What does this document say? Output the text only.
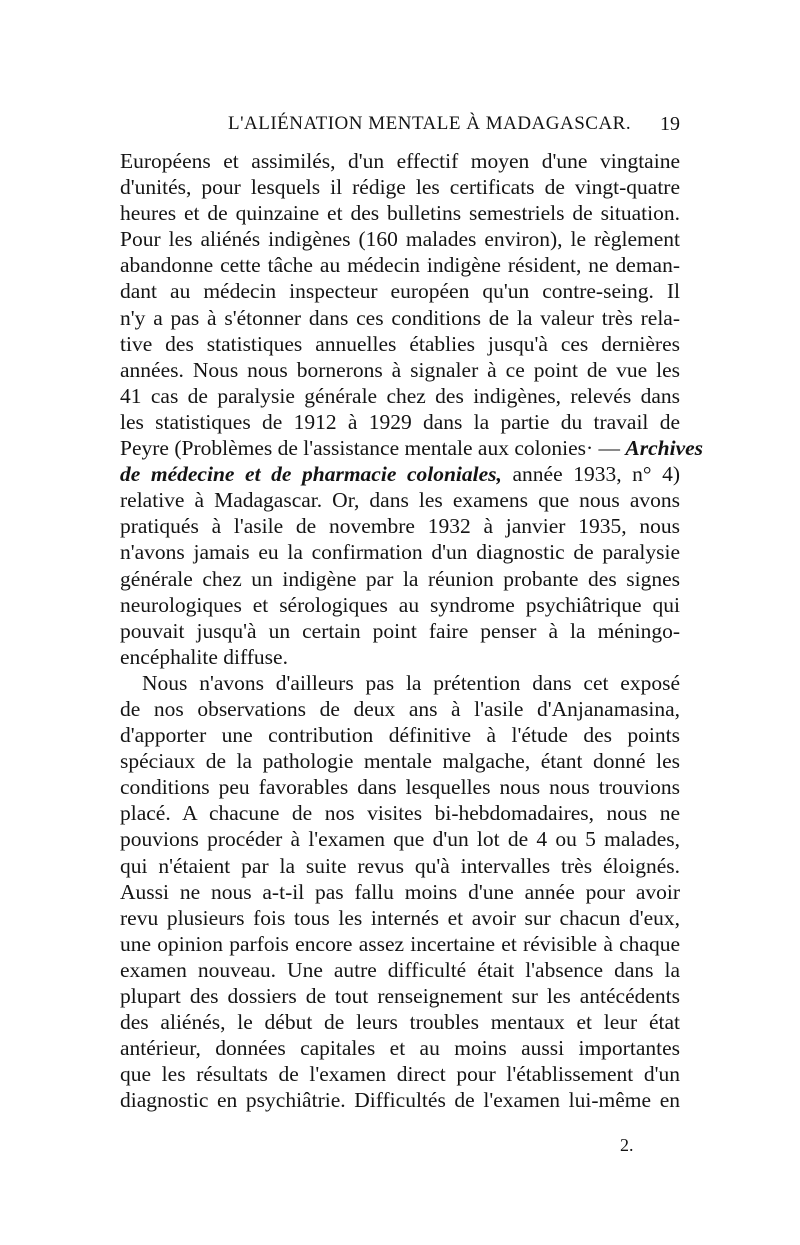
L'ALIÉNATION MENTALE À MADAGASCAR. 19
Européens et assimilés, d'un effectif moyen d'une vingtaine
d'unités, pour lesquels il rédige les certificats de vingt-quatre
heures et de quinzaine et des bulletins semestriels de situation.
Pour les aliénés indigènes (160 malades environ), le règlement
abandonne cette tâche au médecin indigène résident, ne deman-
dant au médecin inspecteur européen qu'un contre-seing. Il
n'y a pas à s'étonner dans ces conditions de la valeur très rela-
tive des statistiques annuelles établies jusqu'à ces dernières
années. Nous nous bornerons à signaler à ce point de vue les
41 cas de paralysie générale chez des indigènes, relevés dans
les statistiques de 1912 à 1929 dans la partie du travail de
Peyre (Problèmes de l'assistance mentale aux colonies· — Archives
de médecine et de pharmacie coloniales, année 1933, n° 4)
relative à Madagascar. Or, dans les examens que nous avons
pratiqués à l'asile de novembre 1932 à janvier 1935, nous
n'avons jamais eu la confirmation d'un diagnostic de paralysie
générale chez un indigène par la réunion probante des signes
neurologiques et sérologiques au syndrome psychiâtrique qui
pouvait jusqu'à un certain point faire penser à la méningo-
encéphalite diffuse.
Nous n'avons d'ailleurs pas la prétention dans cet exposé
de nos observations de deux ans à l'asile d'Anjanamasina,
d'apporter une contribution définitive à l'étude des points
spéciaux de la pathologie mentale malgache, étant donné les
conditions peu favorables dans lesquelles nous nous trouvions
placé. A chacune de nos visites bi-hebdomadaires, nous ne
pouvions procéder à l'examen que d'un lot de 4 ou 5 malades,
qui n'étaient par la suite revus qu'à intervalles très éloignés.
Aussi ne nous a-t-il pas fallu moins d'une année pour avoir
revu plusieurs fois tous les internés et avoir sur chacun d'eux,
une opinion parfois encore assez incertaine et révisible à chaque
examen nouveau. Une autre difficulté était l'absence dans la
plupart des dossiers de tout renseignement sur les antécédents
des aliénés, le début de leurs troubles mentaux et leur état
antérieur, données capitales et au moins aussi importantes
que les résultats de l'examen direct pour l'établissement d'un
diagnostic en psychiâtrie. Difficultés de l'examen lui-même en
2.
